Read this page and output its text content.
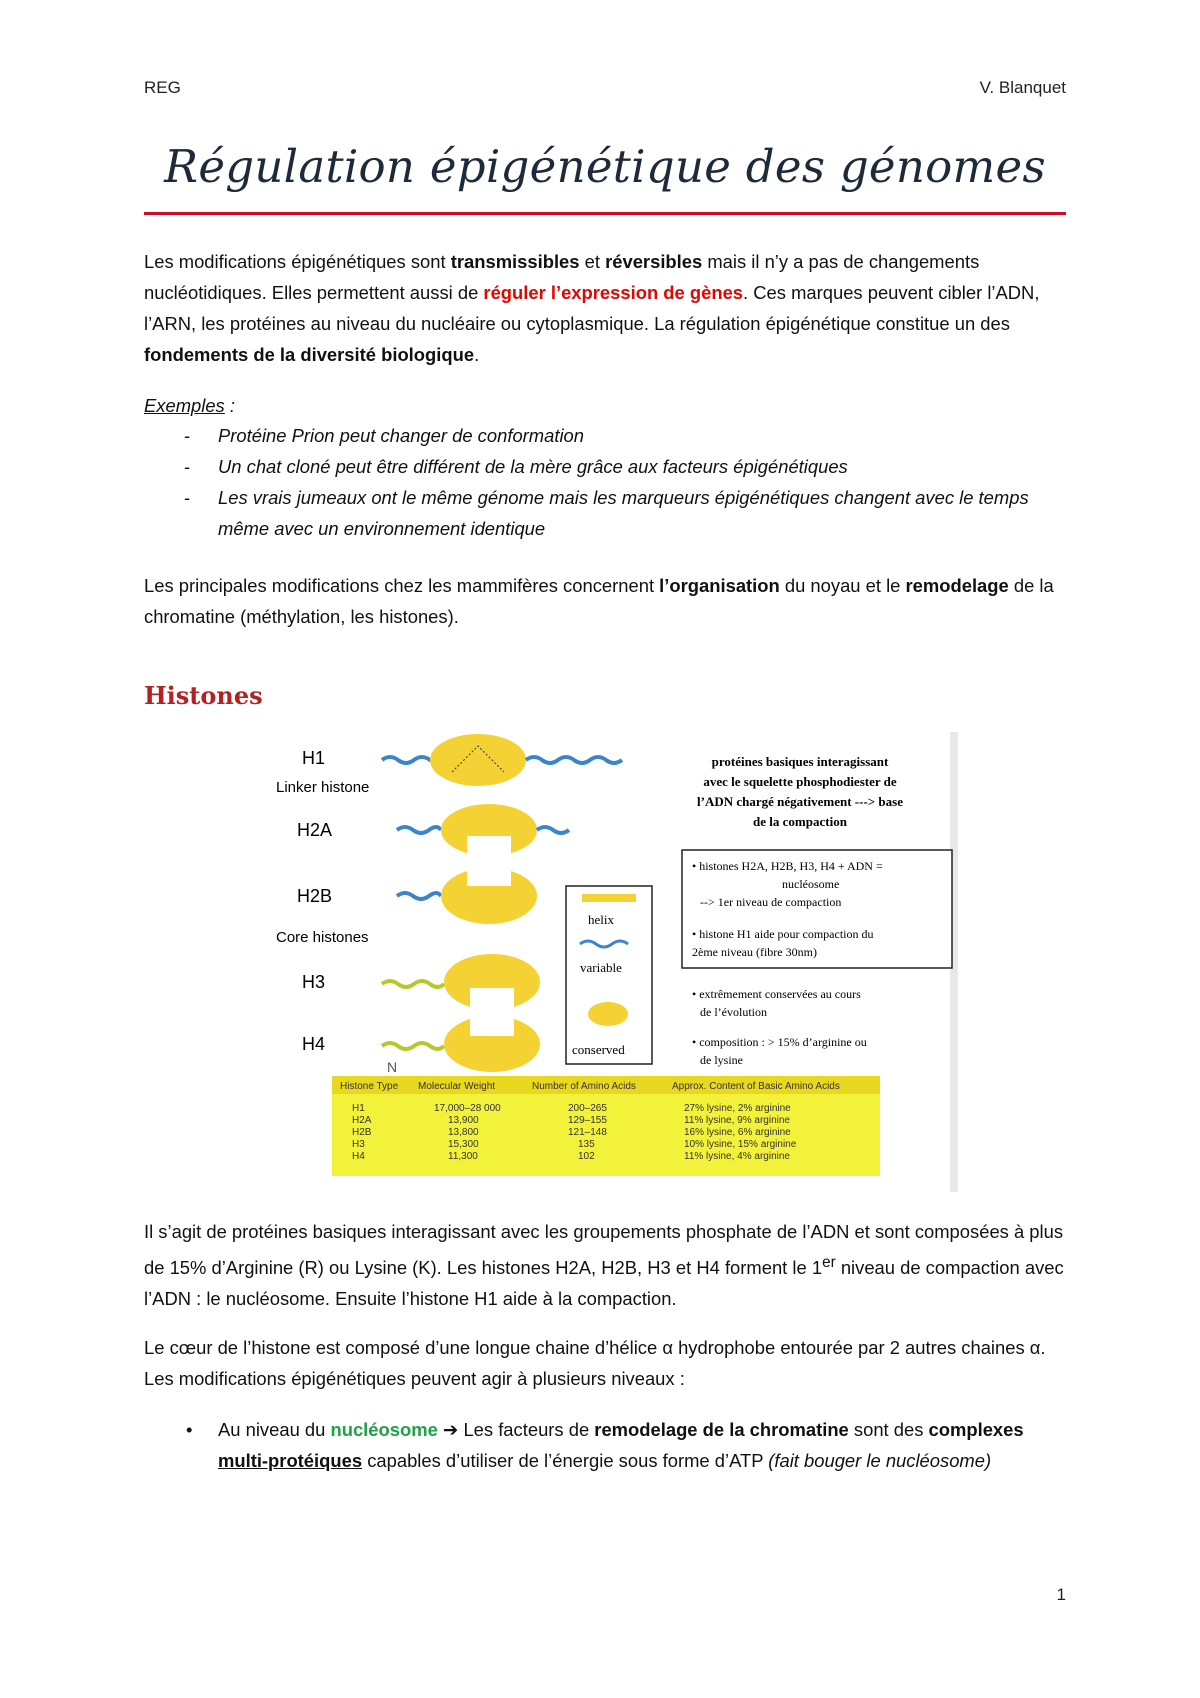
REG	V. Blanquet
Régulation épigénétique des génomes

Les modifications épigénétiques sont transmissibles et réversibles mais il n’y a pas de changements nucléotidiques. Elles permettent aussi de réguler l’expression de gènes. Ces marques peuvent cibler l’ADN, l’ARN, les protéines au niveau du nucléaire ou cytoplasmique. La régulation épigénétique constitue un des fondements de la diversité biologique.

Exemples :

- Protéine Prion peut changer de conformation
- Un chat cloné peut être différent de la mère grâce aux facteurs épigénétiques
- Les vrais jumeaux ont le même génome mais les marqueurs épigénétiques changent avec le temps même avec un environnement identique

Les principales modifications chez les mammifères concernent l’organisation du noyau et le remodelage de la chromatine (méthylation, les histones).

Histones
H1
Linker histone
H2A
H2B
Core histones
H3
H4
N
helix
variable
conserved
protéines basiques interagissant
avec le squelette phosphodiester de
l’ADN chargé négativement ---> base
de la compaction
• histones H2A, H2B, H3, H4 + ADN =
nucléosome
--> 1er niveau de compaction
• histone H1 aide pour compaction du
2ème niveau (fibre 30nm)
• extrêmement conservées au cours
de l’évolution
• composition : > 15% d’arginine ou
de lysine
Histone Type Molecular Weight	Number of Amino Acids	Approx. Content of Basic Amino Acids
H1	17,000–28 000	200–265	27% lysine, 2% arginine
H2A	13,900	129–155	11% lysine, 9% arginine
H2B	13,800	121–148	16% lysine, 6% arginine
H3	15,300	135	10% lysine, 15% arginine
H4	11,300	102	11% lysine, 4% arginine

Il s’agit de protéines basiques interagissant avec les groupements phosphate de l’ADN et sont composées à plus de 15% d’Arginine (R) ou Lysine (K). Les histones H2A, H2B, H3 et H4 forment le 1er niveau de compaction avec l’ADN : le nucléosome. Ensuite l’histone H1 aide à la compaction.

Le cœur de l’histone est composé d’une longue chaine d’hélice α hydrophobe entourée par 2 autres chaines α. Les modifications épigénétiques peuvent agir à plusieurs niveaux :

• Au niveau du nucléosome ➔ Les facteurs de remodelage de la chromatine sont des complexes multi-protéiques capables d’utiliser de l’énergie sous forme d’ATP (fait bouger le nucléosome)
1
